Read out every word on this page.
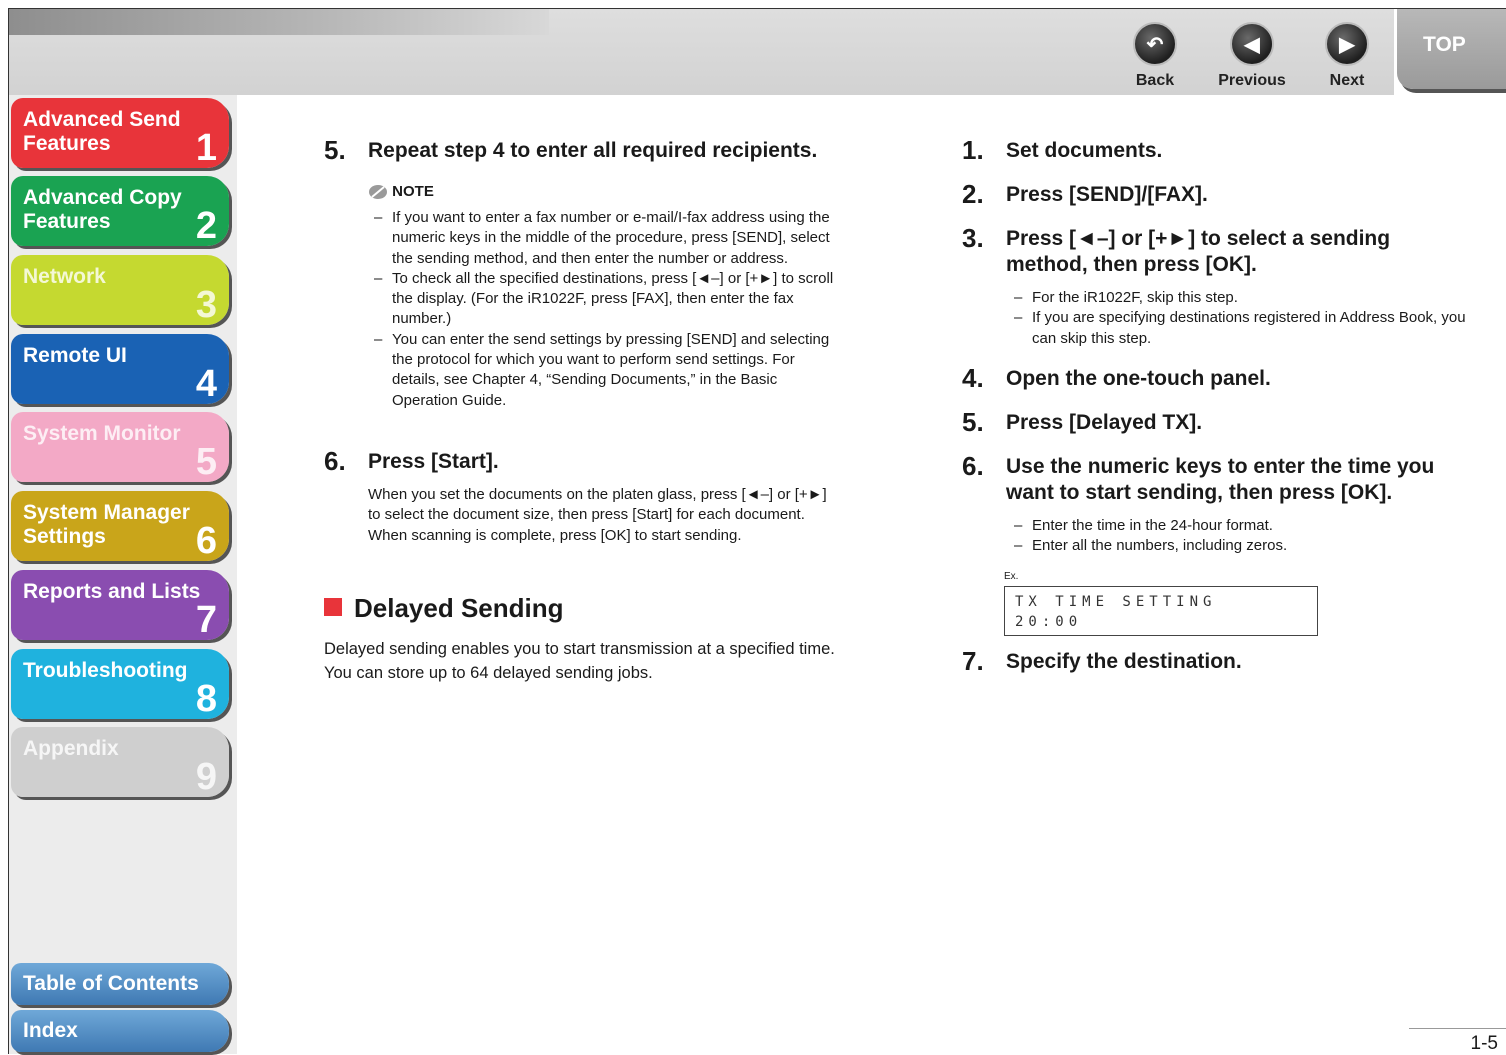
↶
Back
◀
Previous
▶
Next
TOP
Advanced Send
Features	1
Advanced Copy
Features	2
Network
3
Remote UI
4
System Monitor
5
System Manager
Settings	6
Reports and Lists
7
Troubleshooting
8
Appendix
9
Table of Contents
Index
5. Repeat step 4 to enter all required recipients.
NOTE
– If you want to enter a fax number or e-mail/I-fax address using the numeric keys in the middle of the procedure, press [SEND], select the sending method, and then enter the number or address.
– To check all the specified destinations, press [◄–] or [+►] to scroll the display. (For the iR1022F, press [FAX], then enter the fax number.)
– You can enter the send settings by pressing [SEND] and selecting the protocol for which you want to perform send settings. For details, see Chapter 4, “Sending Documents,” in the Basic Operation Guide.
6. Press [Start].
When you set the documents on the platen glass, press [◄–] or [+►] to select the document size, then press [Start] for each document. When scanning is complete, press [OK] to start sending.
Delayed Sending
Delayed sending enables you to start transmission at a specified time. You can store up to 64 delayed sending jobs.
1. Set documents.
2. Press [SEND]/[FAX].
3. Press [◄–] or [+►] to select a sending method, then press [OK].
– For the iR1022F, skip this step.
– If you are specifying destinations registered in Address Book, you can skip this step.
4. Open the one-touch panel.
5. Press [Delayed TX].
6. Use the numeric keys to enter the time you want to start sending, then press [OK].
– Enter the time in the 24-hour format.
– Enter all the numbers, including zeros.
Ex.
TX TIME SETTING
20:00
7. Specify the destination.
1-5
